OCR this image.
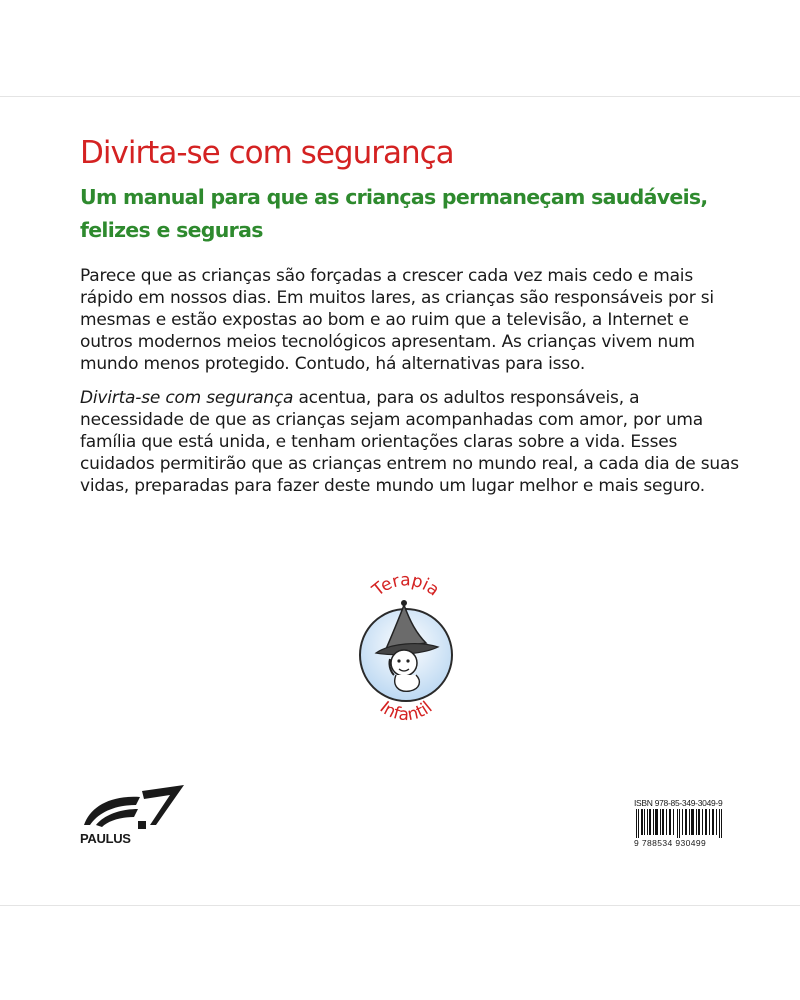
Divirta-se com segurança
Um manual para que as crianças permaneçam saudáveis, felizes e seguras

Parece que as crianças são forçadas a crescer cada vez mais cedo e mais rápido em nossos dias. Em muitos lares, as crianças são responsáveis por si mesmas e estão expostas ao bom e ao ruim que a televisão, a Internet e outros modernos meios tecnológicos apresentam. As crianças vivem num mundo menos protegido. Contudo, há alternativas para isso.

Divirta-se com segurança acentua, para os adultos responsáveis, a necessidade de que as crianças sejam acompanhadas com amor, por uma família que está unida, e tenham orientações claras sobre a vida. Esses cuidados permitirão que as crianças entrem no mundo real, a cada dia de suas vidas, preparadas para fazer deste mundo um lugar melhor e mais seguro.

Terapia
Infantil
PAULUS
ISBN 978-85-349-3049-9
9 788534 930499
